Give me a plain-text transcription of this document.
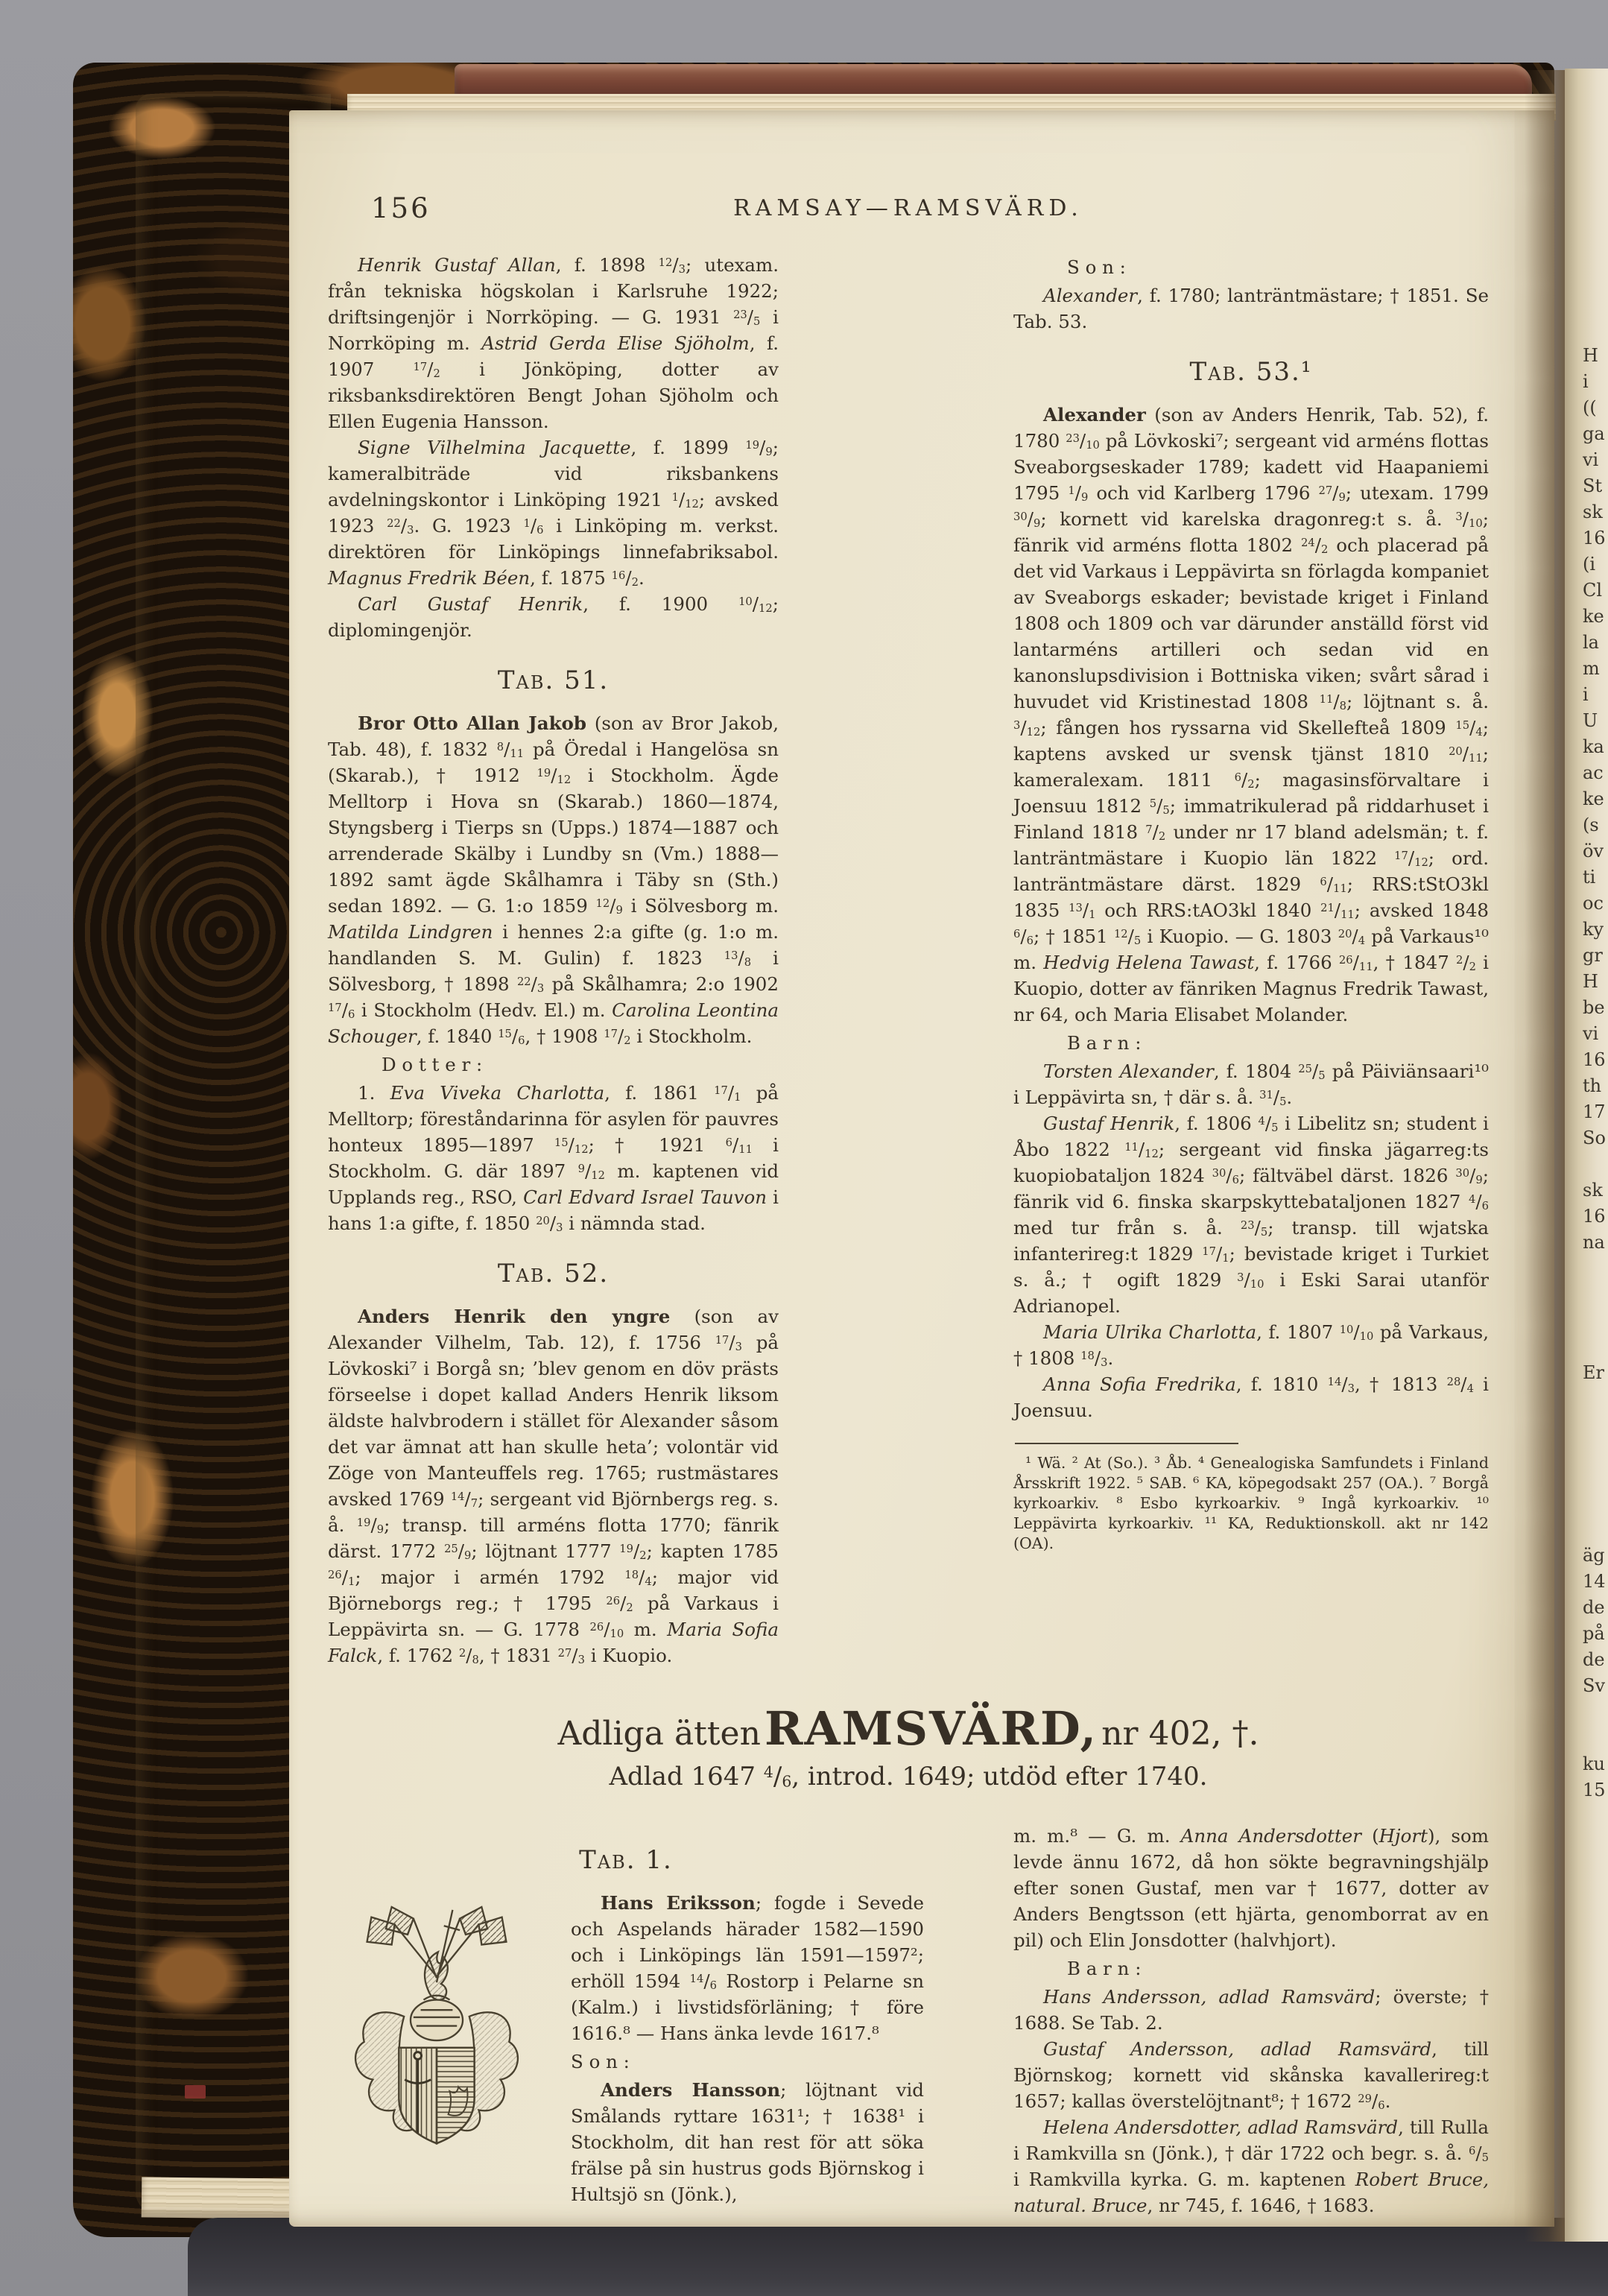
156	RAMSAY—RAMSVÄRD.

Henrik Gustaf Allan, f. 1898 $^{12}/_3$; utexam. från tekniska högskolan i Karlsruhe 1922; driftsingenjör i Norrköping. — G. 1931 $^{23}/_5$ i Norrköping m. Astrid Gerda Elise Sjöholm, f. 1907 $^{17}/_2$ i Jönköping, dotter av riksbanksdirektören Bengt Johan Sjöholm och Ellen Eugenia Hansson.

Signe Vilhelmina Jacquette, f. 1899 $^{19}/_9$; kameralbiträde vid riksbankens avdelningskontor i Linköping 1921 $^1/_{12}$; avsked 1923 $^{22}/_3$. G. 1923 $^1/_6$ i Linköping m. verkst. direktören för Linköpings linnefabriksabol. Magnus Fredrik Béen, f. 1875 $^{16}/_2$.

Carl Gustaf Henrik, f. 1900 $^{10}/_{12}$; diplomingenjör.

Tab. 51.

Bror Otto Allan Jakob (son av Bror Jakob, Tab. 48), f. 1832 $^8/_{11}$ på Öredal i Hangelösa sn (Skarab.), † 1912 $^{19}/_{12}$ i Stockholm. Ägde Melltorp i Hova sn (Skarab.) 1860—1874, Styngsberg i Tierps sn (Upps.) 1874—1887 och arrenderade Skälby i Lundby sn (Vm.) 1888—1892 samt ägde Skålhamra i Täby sn (Sth.) sedan 1892. — G. 1:o 1859 $^{12}/_9$ i Sölvesborg m. Matilda Lindgren i hennes 2:a gifte (g. 1:o m. handlanden S. M. Gulin) f. 1823 $^{13}/_8$ i Sölvesborg, † 1898 $^{22}/_3$ på Skålhamra; 2:o 1902 $^{17}/_6$ i Stockholm (Hedv. El.) m. Carolina Leontina Schouger, f. 1840 $^{15}/_6$, † 1908 $^{17}/_2$ i Stockholm.

D o t t e r :

1. Eva Viveka Charlotta, f. 1861 $^{17}/_1$ på Melltorp; föreståndarinna för asylen för pauvres honteux 1895—1897 $^{15}/_{12}$; † 1921 $^6/_{11}$ i Stockholm. G. där 1897 $^9/_{12}$ m. kaptenen vid Upplands reg., RSO, Carl Edvard Israel Tauvon i hans 1:a gifte, f. 1850 $^{20}/_3$ i nämnda stad.

Tab. 52.

Anders Henrik den yngre (son av Alexander Vilhelm, Tab. 12), f. 1756 $^{17}/_3$ på Lövkoski⁷ i Borgå sn; ’blev genom en döv prästs förseelse i dopet kallad Anders Henrik liksom äldste halvbrodern i stället för Alexander såsom det var ämnat att han skulle heta’; volontär vid Zöge von Manteuffels reg. 1765; rustmästares avsked 1769 $^{14}/_7$; sergeant vid Björnbergs reg. s. å. $^{19}/_9$; transp. till arméns flotta 1770; fänrik därst. 1772 $^{25}/_9$; löjtnant 1777 $^{19}/_2$; kapten 1785 $^{26}/_1$; major i armén 1792 $^{18}/_4$; major vid Björneborgs reg.; † 1795 $^{26}/_2$ på Varkaus i Leppävirta sn. — G. 1778 $^{26}/_{10}$ m. Maria Sofia Falck, f. 1762 $^2/_8$, † 1831 $^{27}/_3$ i Kuopio.

S o n :

Alexander, f. 1780; lanträntmästare; † 1851. Se Tab. 53.

Tab. 53.¹

Alexander (son av Anders Henrik, Tab. 52), f. 1780 $^{23}/_{10}$ på Lövkoski⁷; sergeant vid arméns flottas Sveaborgseskader 1789; kadett vid Haapaniemi 1795 $^1/_9$ och vid Karlberg 1796 $^{27}/_9$; utexam. 1799 $^{30}/_9$; kornett vid karelska dragonreg:t s. å. $^3/_{10}$; fänrik vid arméns flotta 1802 $^{24}/_2$ och placerad på det vid Varkaus i Leppävirta sn förlagda kompaniet av Sveaborgs eskader; bevistade kriget i Finland 1808 och 1809 och var därunder anställd först vid lantarméns artilleri och sedan vid en kanonslupsdivision i Bottniska viken; svårt sårad i huvudet vid Kristinestad 1808 $^{11}/_8$; löjtnant s. å. $^3/_{12}$; fången hos ryssarna vid Skellefteå 1809 $^{15}/_4$; kaptens avsked ur svensk tjänst 1810 $^{20}/_{11}$; kameralexam. 1811 $^6/_2$; magasinsförvaltare i Joensuu 1812 $^5/_5$; immatrikulerad på riddarhuset i Finland 1818 $^7/_2$ under nr 17 bland adelsmän; t. f. lanträntmästare i Kuopio län 1822 $^{17}/_{12}$; ord. lanträntmästare därst. 1829 $^6/_{11}$; RRS:tStO3kl 1835 $^{13}/_1$ och RRS:tAO3kl 1840 $^{21}/_{11}$; avsked 1848 $^6/_6$; † 1851 $^{12}/_5$ i Kuopio. — G. 1803 $^{20}/_4$ på Varkaus¹⁰ m. Hedvig Helena Tawast, f. 1766 $^{26}/_{11}$, † 1847 $^2/_2$ i Kuopio, dotter av fänriken Magnus Fredrik Tawast, nr 64, och Maria Elisabet Molander.

B a r n :

Torsten Alexander, f. 1804 $^{25}/_5$ på Päiviänsaari¹⁰ i Leppävirta sn, † där s. å. $^{31}/_5$.

Gustaf Henrik, f. 1806 $^4/_5$ i Libelitz sn; student i Åbo 1822 $^{11}/_{12}$; sergeant vid finska jägarreg:ts kuopiobataljon 1824 $^{30}/_6$; fältväbel därst. 1826 $^{30}/_9$; fänrik vid 6. finska skarpskyttebataljonen 1827 $^4/_6$ med tur från s. å. $^{23}/_5$; transp. till wjatska infanterireg:t 1829 $^{17}/_1$; bevistade kriget i Turkiet s. å.; † ogift 1829 $^3/_{10}$ i Eski Sarai utanför Adrianopel.

Maria Ulrika Charlotta, f. 1807 $^{10}/_{10}$ på Varkaus, † 1808 $^{18}/_3$.

Anna Sofia Fredrika, f. 1810 $^{14}/_3$, † 1813 $^{28}/_4$ i Joensuu.

¹ Wä. ² At (So.). ³ Åb. ⁴ Genealogiska Samfundets i Finland Årsskrift 1922. ⁵ SAB. ⁶ KA, köpegodsakt 257 (OA.). ⁷ Borgå kyrkoarkiv. ⁸ Esbo kyrkoarkiv. ⁹ Ingå kyrkoarkiv. ¹⁰ Leppävirta kyrkoarkiv. ¹¹ KA, Reduktionskoll. akt nr 142 (OA).

Adliga ätten RAMSVÄRD, nr 402, †.
Adlad 1647 $^4/_6$, introd. 1649; utdöd efter 1740.
Tab. 1.

Hans Eriksson; fogde i Sevede och Aspelands härader 1582—1590 och i Linköpings län 1591—1597²; erhöll 1594 $^{14}/_6$ Rostorp i Pelarne sn (Kalm.) i livstidsförläning; † före 1616.⁸ — Hans änka levde 1617.⁸

S o n :

Anders Hansson; löjtnant vid Smålands ryttare 1631¹; † 1638¹ i Stockholm, dit han rest för att söka frälse på sin hustrus gods Björnskog i Hultsjö sn (Jönk.),

m. m.⁸ — G. m. Anna Andersdotter (Hjort), som levde ännu 1672, då hon sökte begravningshjälp efter sonen Gustaf, men var † 1677, dotter av Anders Bengtsson (ett hjärta, genomborrat av en pil) och Elin Jonsdotter (halvhjort).

B a r n :

Hans Andersson, adlad Ramsvärd; överste; † 1688. Se Tab. 2.

Gustaf Andersson, adlad Ramsvärd, till Björnskog; kornett vid skånska kavallerireg:t 1657; kallas överstelöjtnant⁸; † 1672 $^{29}/_6$.

Helena Andersdotter, adlad Ramsvärd, till Rulla i Ramkvilla sn (Jönk.), † där 1722 och begr. s. å. $^6/_5$ i Ramkvilla kyrka. G. m. kaptenen Robert Bruce, natural. Bruce, nr 745, f. 1646, † 1683.

H
i
((
ga
vi
St
sk
16
(i
Cl
ke
la
m
i
U
ka
ac
ke
(s
öv
ti
oc
ky
gr
H
be
vi
16
th
17
So
sk
16
na
Er
äg
14
de
på
de
Sv
ku
15
